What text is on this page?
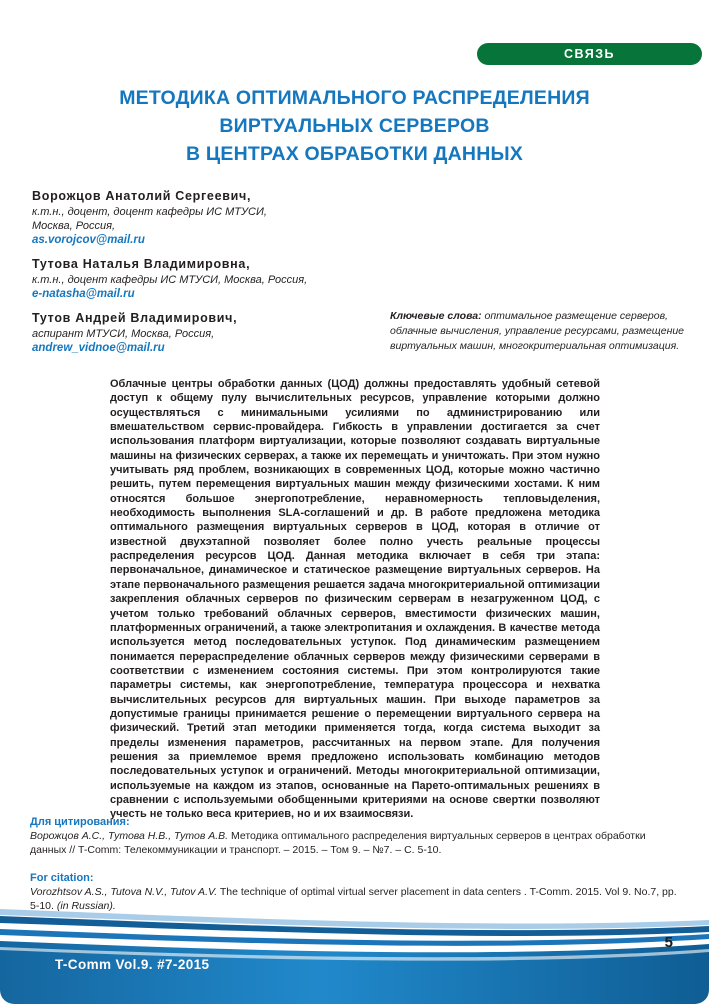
СВЯЗЬ
МЕТОДИКА ОПТИМАЛЬНОГО РАСПРЕДЕЛЕНИЯ
ВИРТУАЛЬНЫХ СЕРВЕРОВ
В ЦЕНТРАХ ОБРАБОТКИ ДАННЫХ
Ворожцов Анатолий Сергеевич,
к.т.н., доцент, доцент кафедры ИС МТУСИ,
Москва, Россия,
as.vorojcov@mail.ru
Тутова Наталья Владимировна,
к.т.н., доцент кафедры ИС МТУСИ, Москва, Россия,
e-natasha@mail.ru
Тутов Андрей Владимирович,
аспирант МТУСИ, Москва, Россия,
andrew_vidnoe@mail.ru
Ключевые слова: оптимальное размещение серверов, облачные вычисления, управление ресурсами, размещение виртуальных машин, многокритериальная оптимизация.

Облачные центры обработки данных (ЦОД) должны предоставлять удобный сетевой доступ к общему пулу вычислительных ресурсов, управление которыми должно осуществляться с минимальными усилиями по администрированию или вмешательством сервис-провайдера. Гибкость в управлении достигается за счет использования платформ виртуализации, которые позволяют создавать виртуальные машины на физических серверах, а также их перемещать и уничтожать. При этом нужно учитывать ряд проблем, возникающих в современных ЦОД, которые можно частично решить, путем перемещения виртуальных машин между физическими хостами. К ним относятся большое энергопотребление, неравномерность тепловыделения, необходимость выполнения SLA-соглашений и др. В работе предложена методика оптимального размещения виртуальных серверов в ЦОД, которая в отличие от известной двухэтапной позволяет более полно учесть реальные процессы распределения ресурсов ЦОД. Данная методика включает в себя три этапа: первоначальное, динамическое и статическое размещение виртуальных серверов. На этапе первоначального размещения решается задача многокритериальной оптимизации закрепления облачных серверов по физическим серверам в незагруженном ЦОД, с учетом только требований облачных серверов, вместимости физических машин, платформенных ограничений, а также электропитания и охлаждения. В качестве метода используется метод последовательных уступок. Под динамическим размещением понимается перераспределение облачных серверов между физическими серверами в соответствии с изменением состояния системы. При этом контролируются такие параметры системы, как энергопотребление, температура процессора и нехватка вычислительных ресурсов для виртуальных машин. При выходе параметров за допустимые границы принимается решение о перемещении виртуального сервера на физический. Третий этап методики применяется тогда, когда система выходит за пределы изменения параметров, рассчитанных на первом этапе. Для получения решения за приемлемое время предложено использовать комбинацию методов последовательных уступок и ограничений. Методы многокритериальной оптимизации, используемые на каждом из этапов, основанные на Парето-оптимальных решениях в сравнении с используемыми обобщенными критериями на основе свертки позволяют учесть не только веса критериев, но и их взаимосвязи.

Для цитирования:
Ворожцов А.С., Тутова Н.В., Тутов А.В. Методика оптимального распределения виртуальных серверов в центрах обработки данных // T-Comm: Телекоммуникации и транспорт. – 2015. – Том 9. – №7. – С. 5-10.
For citation:
Vorozhtsov A.S., Tutova N.V., Tutov A.V. The technique of optimal virtual server placement in data centers . T-Comm. 2015. Vol 9. No.7, pp. 5-10. (in Russian).
T-Comm Vol.9. #7-2015
5
